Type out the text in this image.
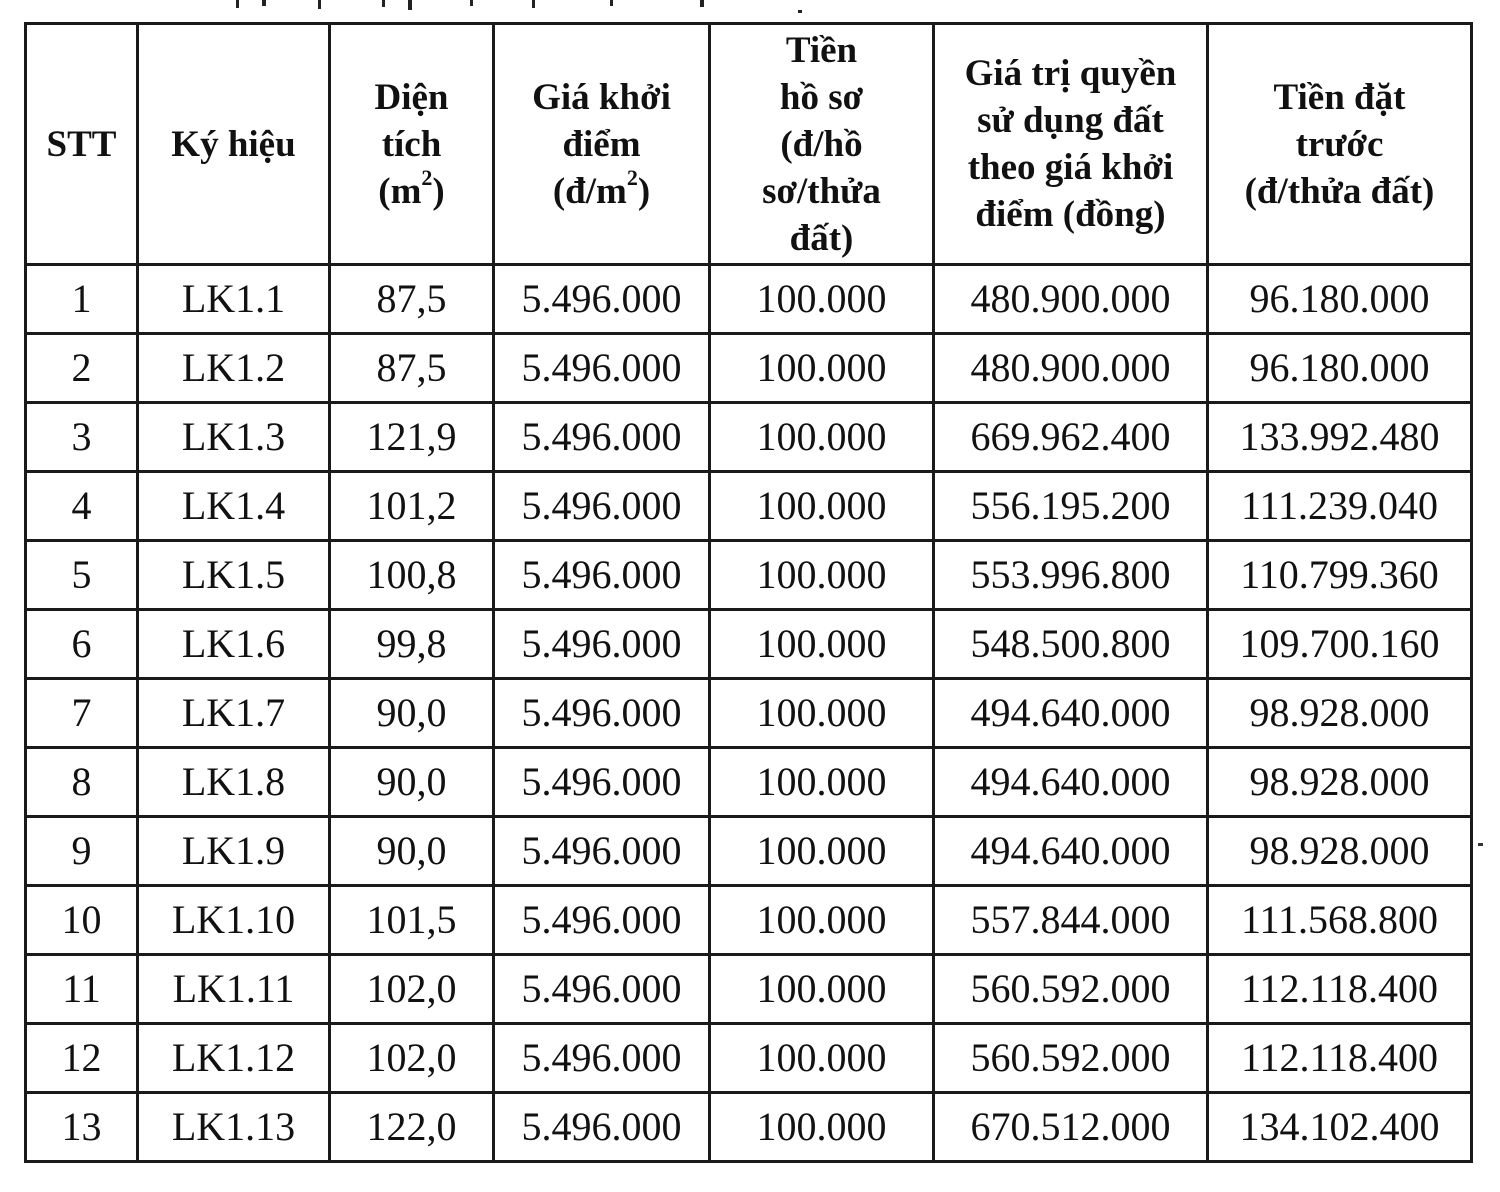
STT	Ký hiệu	Diện
tích
$(m^2)$	Giá khởi
điểm
$(đ/m^2)$	Tiền
hồ sơ
(đ/hồ
sơ/thửa
đất)	Giá trị quyền
sử dụng đất
theo giá khởi
điểm (đồng)	Tiền đặt
trước
(đ/thửa đất)
1	LK1.1	87,5	5.496.000	100.000	480.900.000	96.180.000
2	LK1.2	87,5	5.496.000	100.000	480.900.000	96.180.000
3	LK1.3	121,9	5.496.000	100.000	669.962.400	133.992.480
4	LK1.4	101,2	5.496.000	100.000	556.195.200	111.239.040
5	LK1.5	100,8	5.496.000	100.000	553.996.800	110.799.360
6	LK1.6	99,8	5.496.000	100.000	548.500.800	109.700.160
7	LK1.7	90,0	5.496.000	100.000	494.640.000	98.928.000
8	LK1.8	90,0	5.496.000	100.000	494.640.000	98.928.000
9	LK1.9	90,0	5.496.000	100.000	494.640.000	98.928.000
10	LK1.10	101,5	5.496.000	100.000	557.844.000	111.568.800
11	LK1.11	102,0	5.496.000	100.000	560.592.000	112.118.400
12	LK1.12	102,0	5.496.000	100.000	560.592.000	112.118.400
13	LK1.13	122,0	5.496.000	100.000	670.512.000	134.102.400
